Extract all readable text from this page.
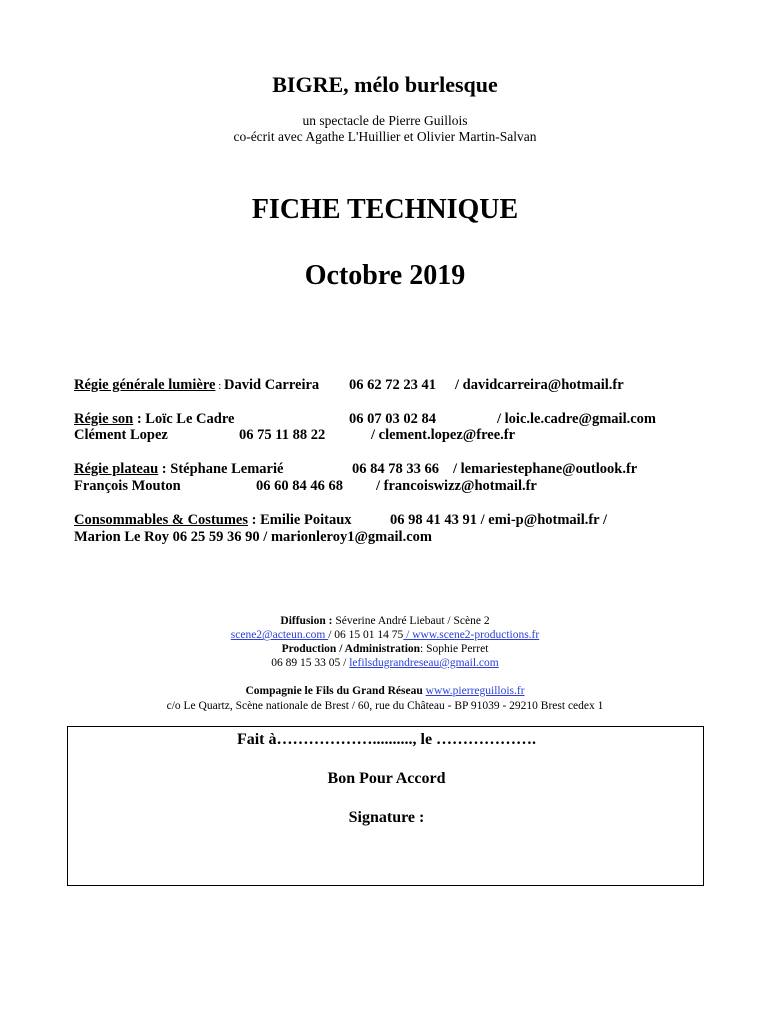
BIGRE, mélo burlesque
un spectacle de Pierre Guillois
co-écrit avec Agathe L'Huillier et Olivier Martin-Salvan
FICHE TECHNIQUE
Octobre 2019
Régie générale lumière : David Carreira 06 62 72 23 41 / davidcarreira@hotmail.fr
Régie son : Loïc Le Cadre	06 07 03 02 84	/ loic.le.cadre@gmail.com
Clément Lopez	06 75 11 88 22	/ clement.lopez@free.fr
Régie plateau : Stéphane Lemarié	06 84 78 33 66 / lemariestephane@outlook.fr
François Mouton	06 60 84 46 68 / francoiswizz@hotmail.fr
Consommables & Costumes : Emilie Poitaux	06 98 41 43 91 / emi-p@hotmail.fr /
Marion Le Roy 06 25 59 36 90 / marionleroy1@gmail.com
Diffusion : Séverine André Liebaut / Scène 2
scene2@acteun.com / 06 15 01 14 75 / www.scene2-productions.fr
Production / Administration: Sophie Perret
06 89 15 33 05 / lefilsdugrandreseau@gmail.com
Compagnie le Fils du Grand Réseau www.pierreguillois.fr
c/o Le Quartz, Scène nationale de Brest / 60, rue du Château - BP 91039 - 29210 Brest cedex 1
Fait à……………….........., le ……………….
Bon Pour Accord
Signature :
